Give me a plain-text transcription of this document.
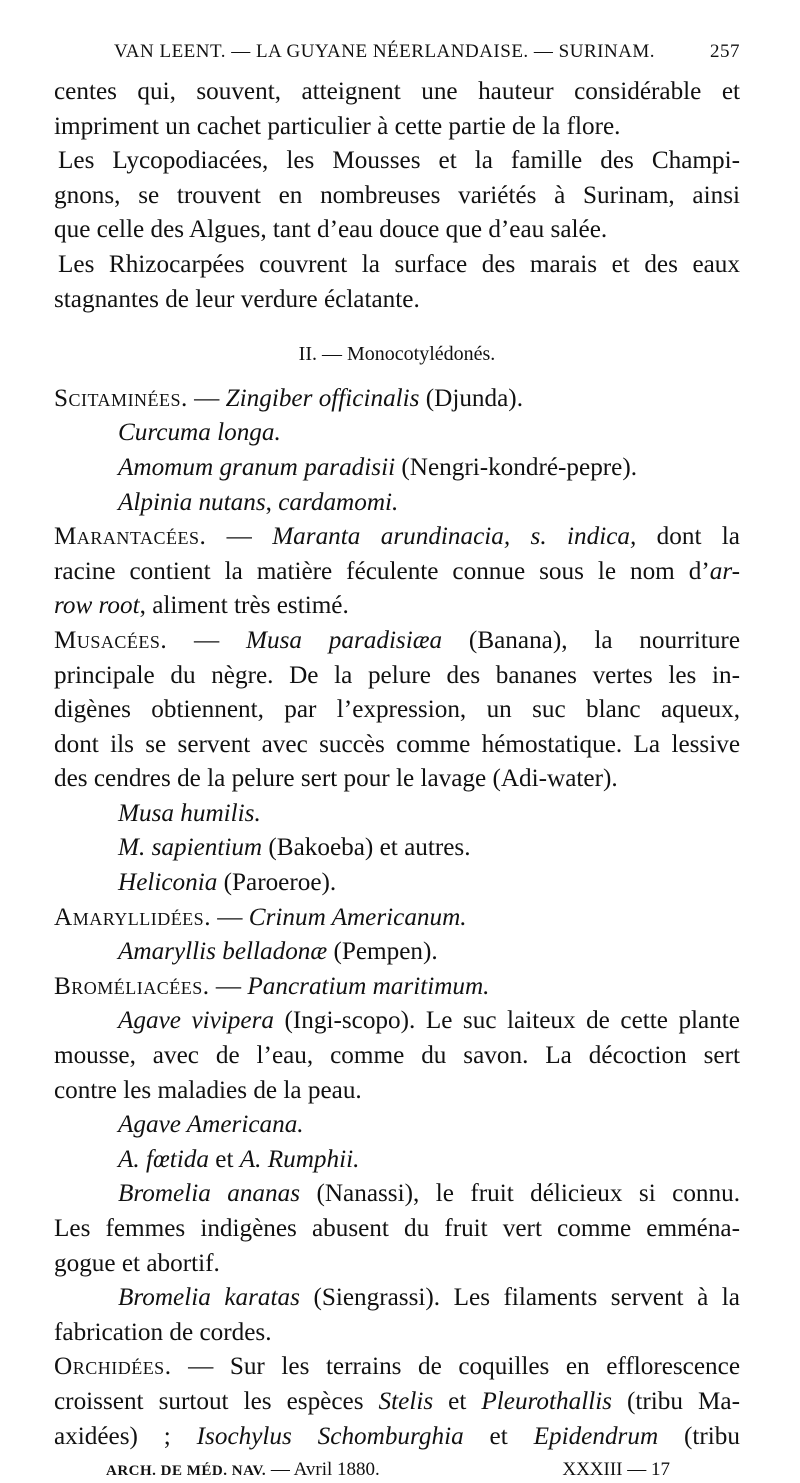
VAN LEENT. — LA GUYANE NÉERLANDAISE. — SURINAM.	257
centes qui, souvent, atteignent une hauteur considérable et
impriment un cachet particulier à cette partie de la flore.
Les Lycopodiacées, les Mousses et la famille des Champi-
gnons, se trouvent en nombreuses variétés à Surinam, ainsi
que celle des Algues, tant d’eau douce que d’eau salée.
Les Rhizocarpées couvrent la surface des marais et des eaux
stagnantes de leur verdure éclatante.
II. — Monocotylédonés.
Scitaminées. — Zingiber officinalis (Djunda).
Curcuma longa.
Amomum granum paradisii (Nengri-kondré-pepre).
Alpinia nutans, cardamomi.
Marantacées. — Maranta arundinacia, s. indica, dont la
racine contient la matière féculente connue sous le nom d’ar-
row root, aliment très estimé.
Musacées. — Musa paradisiæa (Banana), la nourriture
principale du nègre. De la pelure des bananes vertes les in-
digènes obtiennent, par l’expression, un suc blanc aqueux,
dont ils se servent avec succès comme hémostatique. La lessive
des cendres de la pelure sert pour le lavage (Adi-water).
Musa humilis.
M. sapientium (Bakoeba) et autres.
Heliconia (Paroeroe).
Amaryllidées. — Crinum Americanum.
Amaryllis belladonæ (Pempen).
Broméliacées. — Pancratium maritimum.
Agave vivipera (Ingi-scopo). Le suc laiteux de cette plante
mousse, avec de l’eau, comme du savon. La décoction sert
contre les maladies de la peau.
Agave Americana.
A. fœtida et A. Rumphii.
Bromelia ananas (Nanassi), le fruit délicieux si connu.
Les femmes indigènes abusent du fruit vert comme emména-
gogue et abortif.
Bromelia karatas (Siengrassi). Les filaments servent à la
fabrication de cordes.
Orchidées. — Sur les terrains de coquilles en efflorescence
croissent surtout les espèces Stelis et Pleurothallis (tribu Ma-
axidées) ; Isochylus Schomburghia et Epidendrum (tribu
ARCH. DE MÉD. NAV. — Avril 1880.	XXXIII — 17
